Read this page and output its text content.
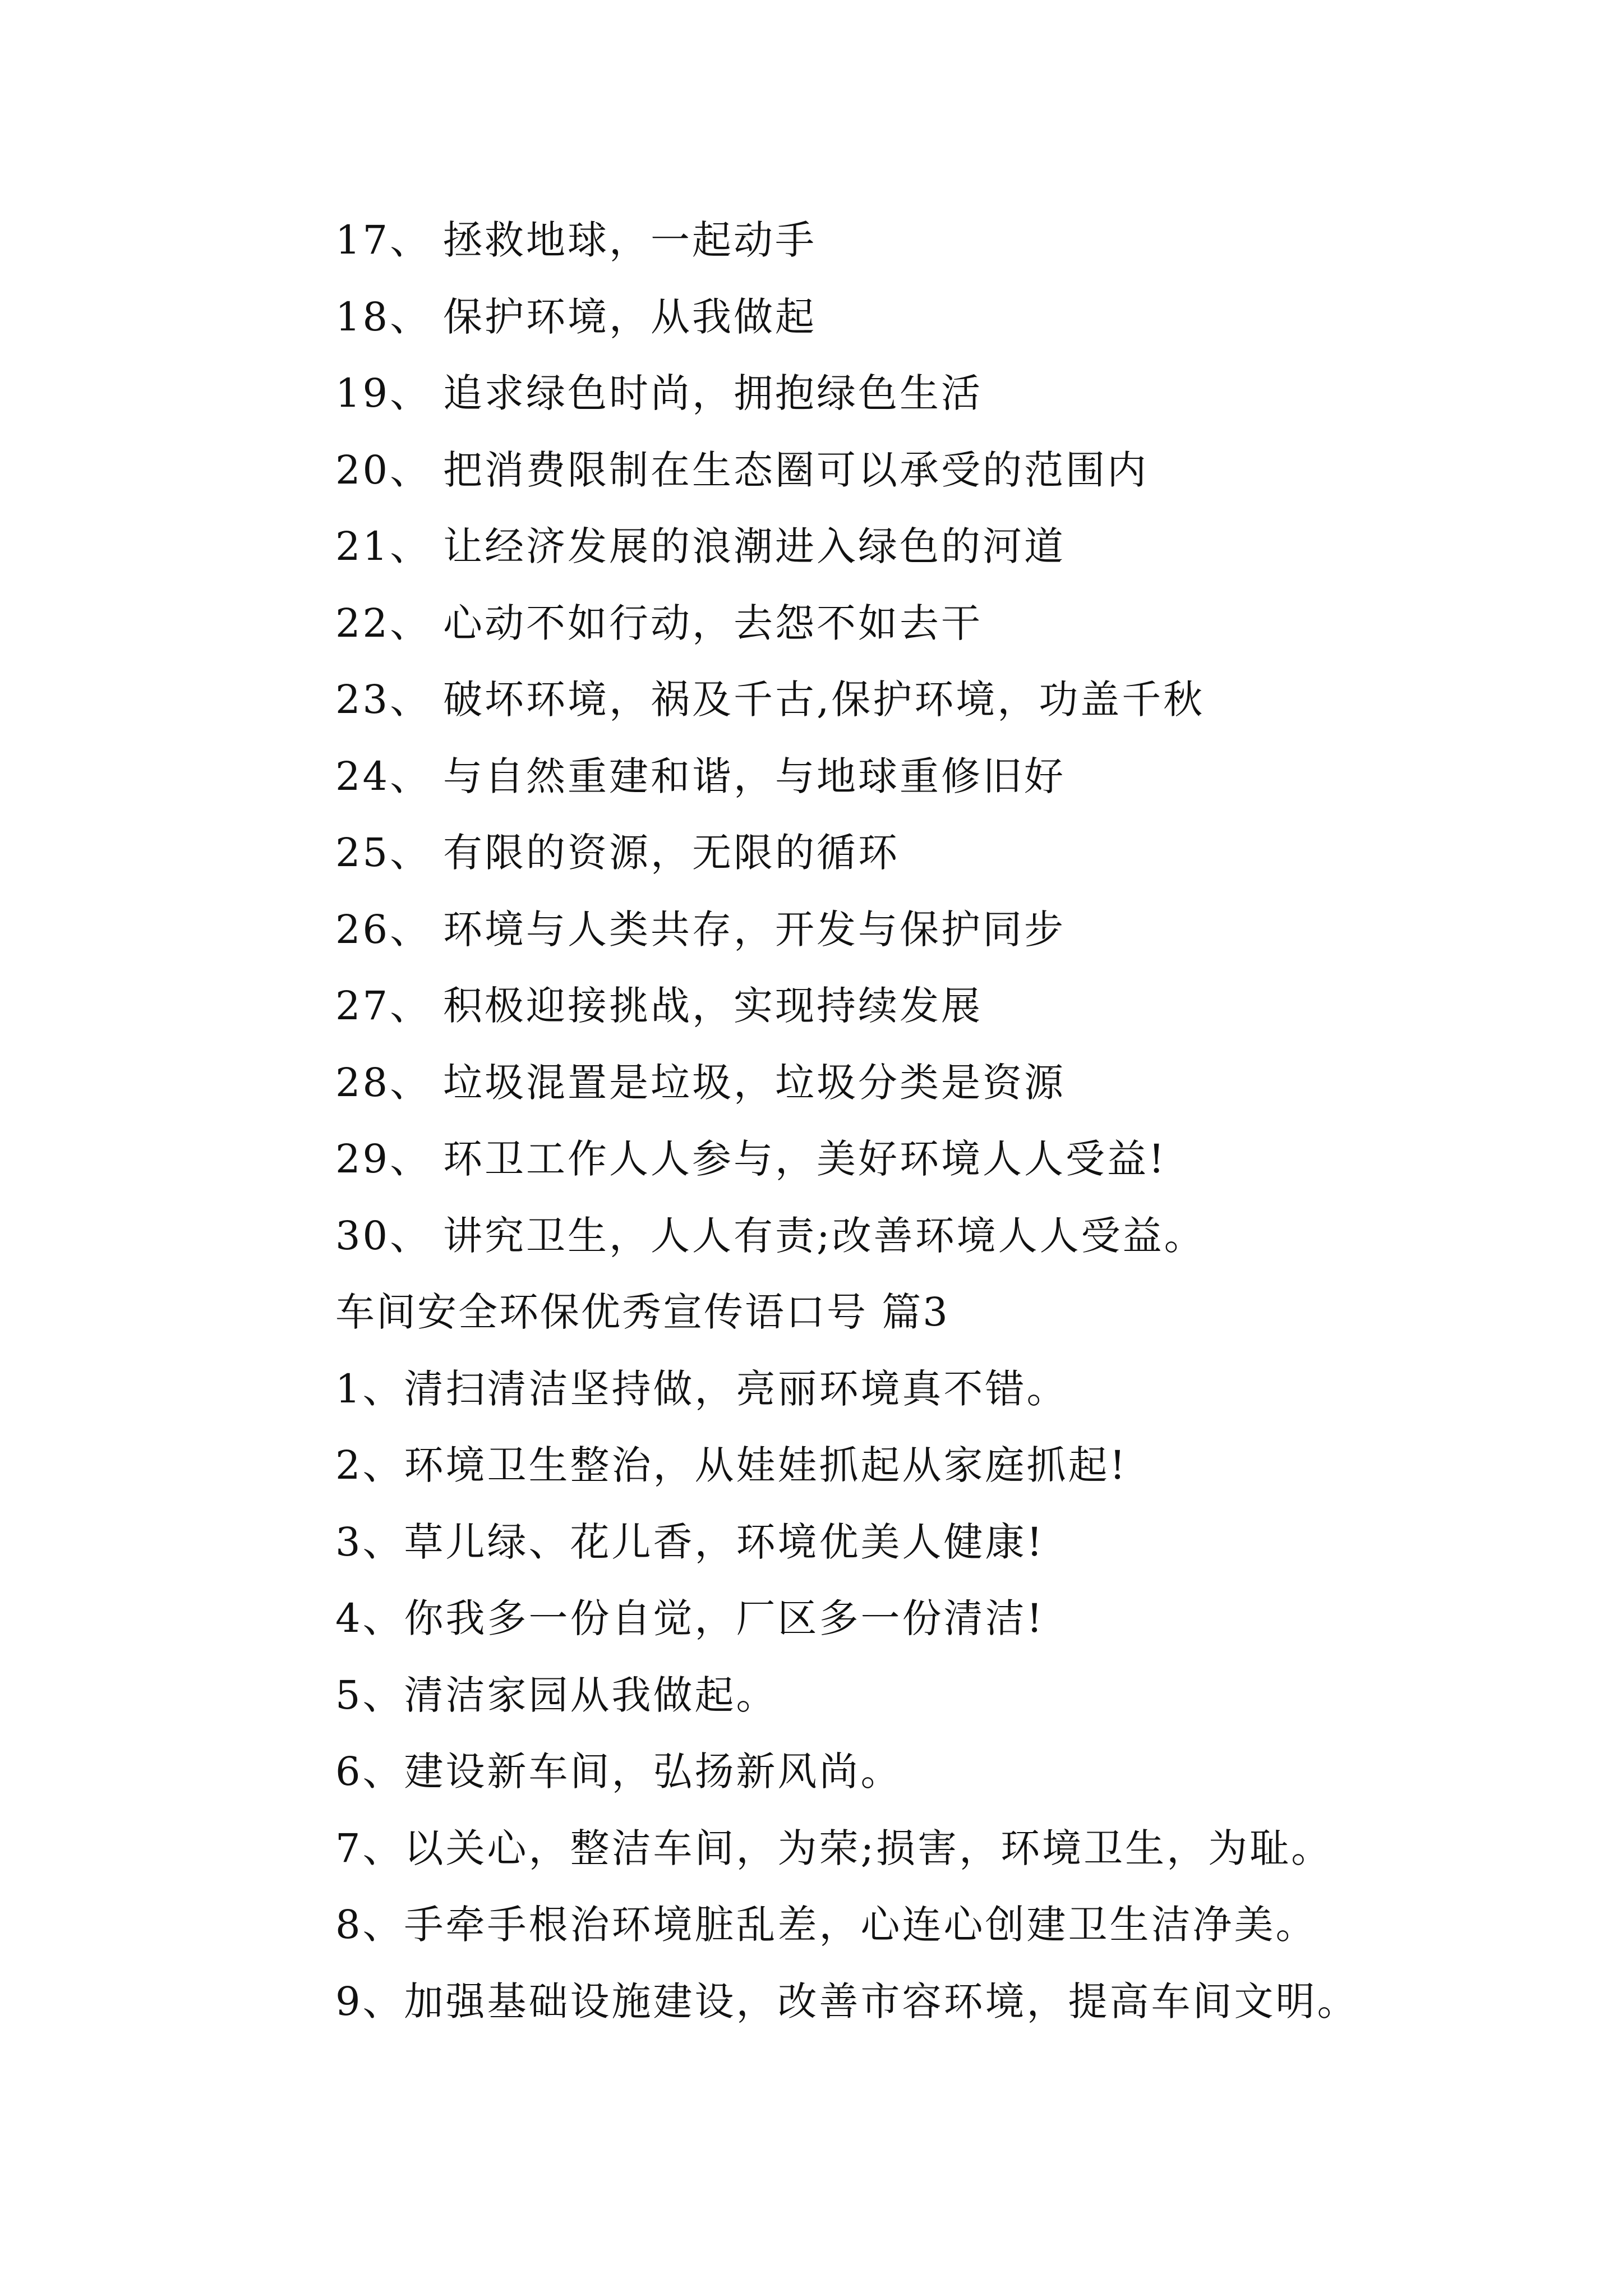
17、 拯救地球，一起动手
18、 保护环境，从我做起
19、 追求绿色时尚，拥抱绿色生活
20、 把消费限制在生态圈可以承受的范围内
21、 让经济发展的浪潮进入绿色的河道
22、 心动不如行动，去怨不如去干
23、 破坏环境，祸及千古,保护环境，功盖千秋
24、 与自然重建和谐，与地球重修旧好
25、 有限的资源，无限的循环
26、 环境与人类共存，开发与保护同步
27、 积极迎接挑战，实现持续发展
28、 垃圾混置是垃圾，垃圾分类是资源
29、 环卫工作人人参与，美好环境人人受益!
30、 讲究卫生，人人有责;改善环境人人受益。
车间安全环保优秀宣传语口号 篇3
1、清扫清洁坚持做，亮丽环境真不错。
2、环境卫生整治，从娃娃抓起从家庭抓起!
3、草儿绿、花儿香，环境优美人健康!
4、你我多一份自觉，厂区多一份清洁!
5、清洁家园从我做起。
6、建设新车间，弘扬新风尚。
7、以关心，整洁车间，为荣;损害，环境卫生，为耻。
8、手牵手根治环境脏乱差，心连心创建卫生洁净美。
9、加强基础设施建设，改善市容环境，提高车间文明。
